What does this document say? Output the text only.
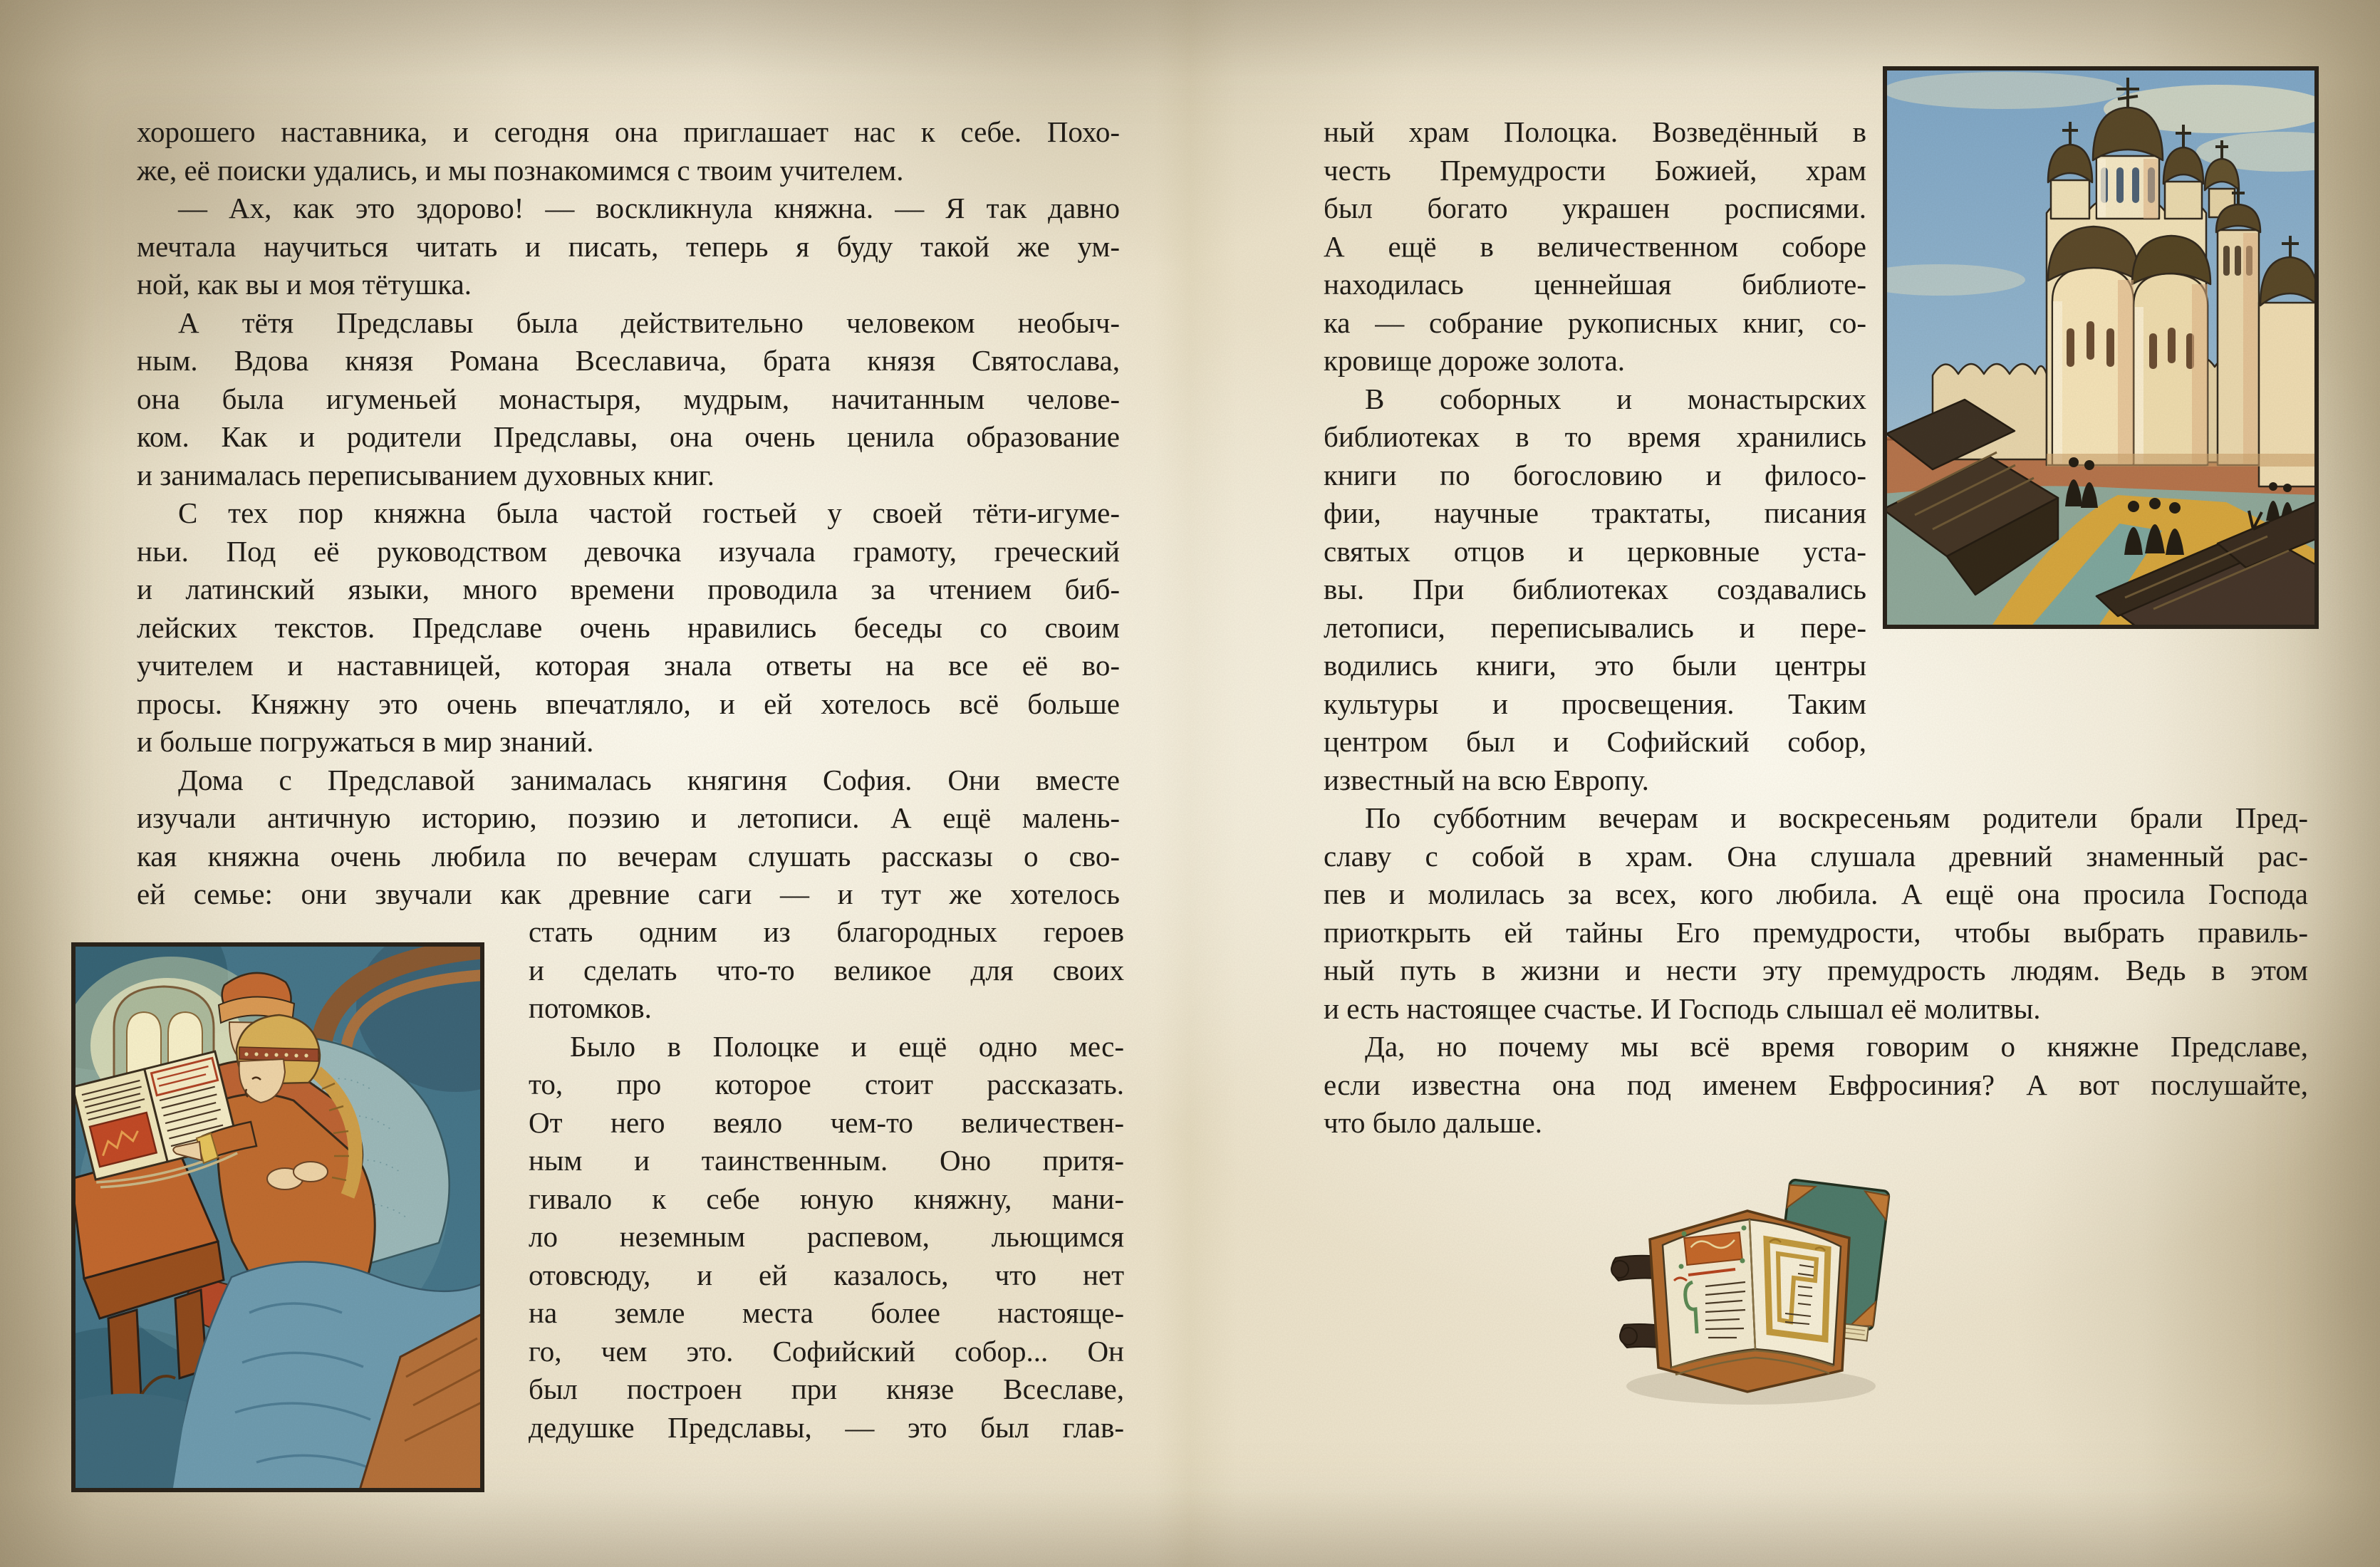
хорошего наставника, и сегодня она приглашает нас к себе. Похо-
же, её поиски удались, и мы познакомимся с твоим учителем.
— Ах, как это здорово! — воскликнула княжна. — Я так давно
мечтала научиться читать и писать, теперь я буду такой же ум-
ной, как вы и моя тётушка.
А тётя Предславы была действительно человеком необыч-
ным. Вдова князя Романа Всеславича, брата князя Святослава,
она была игуменьей монастыря, мудрым, начитанным челове-
ком. Как и родители Предславы, она очень ценила образование
и занималась переписыванием духовных книг.
С тех пор княжна была частой гостьей у своей тёти-игуме-
ньи. Под её руководством девочка изучала грамоту, греческий
и латинский языки, много времени проводила за чтением биб-
лейских текстов. Предславе очень нравились беседы со своим
учителем и наставницей, которая знала ответы на все её во-
просы. Княжну это очень впечатляло, и ей хотелось всё больше
и больше погружаться в мир знаний.
Дома с Предславой занималась княгиня София. Они вместе
изучали античную историю, поэзию и летописи. А ещё малень-
кая княжна очень любила по вечерам слушать рассказы о сво-
ей семье: они звучали как древние саги — и тут же хотелось
стать одним из благородных героев
и сделать что-то великое для своих
потомков.
Было в Полоцке и ещё одно мес-
то, про которое стоит рассказать.
От него веяло чем-то величествен-
ным и таинственным. Оно притя-
гивало к себе юную княжну, мани-
ло неземным распевом, льющимся
отовсюду, и ей казалось, что нет
на земле места более настояще-
го, чем это. Софийский собор... Он
был построен при князе Всеславе,
дедушке Предславы, — это был глав-
ный храм Полоцка. Возведённый в
честь Премудрости Божией, храм
был богато украшен росписями.
А ещё в величественном соборе
находилась ценнейшая библиоте-
ка — собрание рукописных книг, со-
кровище дороже золота.
В соборных и монастырских
библиотеках в то время хранились
книги по богословию и филосо-
фии, научные трактаты, писания
святых отцов и церковные уста-
вы. При библиотеках создавались
летописи, переписывались и пере-
водились книги, это были центры
культуры и просвещения. Таким
центром был и Софийский собор,
известный на всю Европу.
По субботним вечерам и воскресеньям родители брали Пред-
славу с собой в храм. Она слушала древний знаменный рас-
пев и молилась за всех, кого любила. А ещё она просила Господа
приоткрыть ей тайны Его премудрости, чтобы выбрать правиль-
ный путь в жизни и нести эту премудрость людям. Ведь в этом
и есть настоящее счастье. И Господь слышал её молитвы.
Да, но почему мы всё время говорим о княжне Предславе,
если известна она под именем Евфросиния? А вот послушайте,
что было дальше.
